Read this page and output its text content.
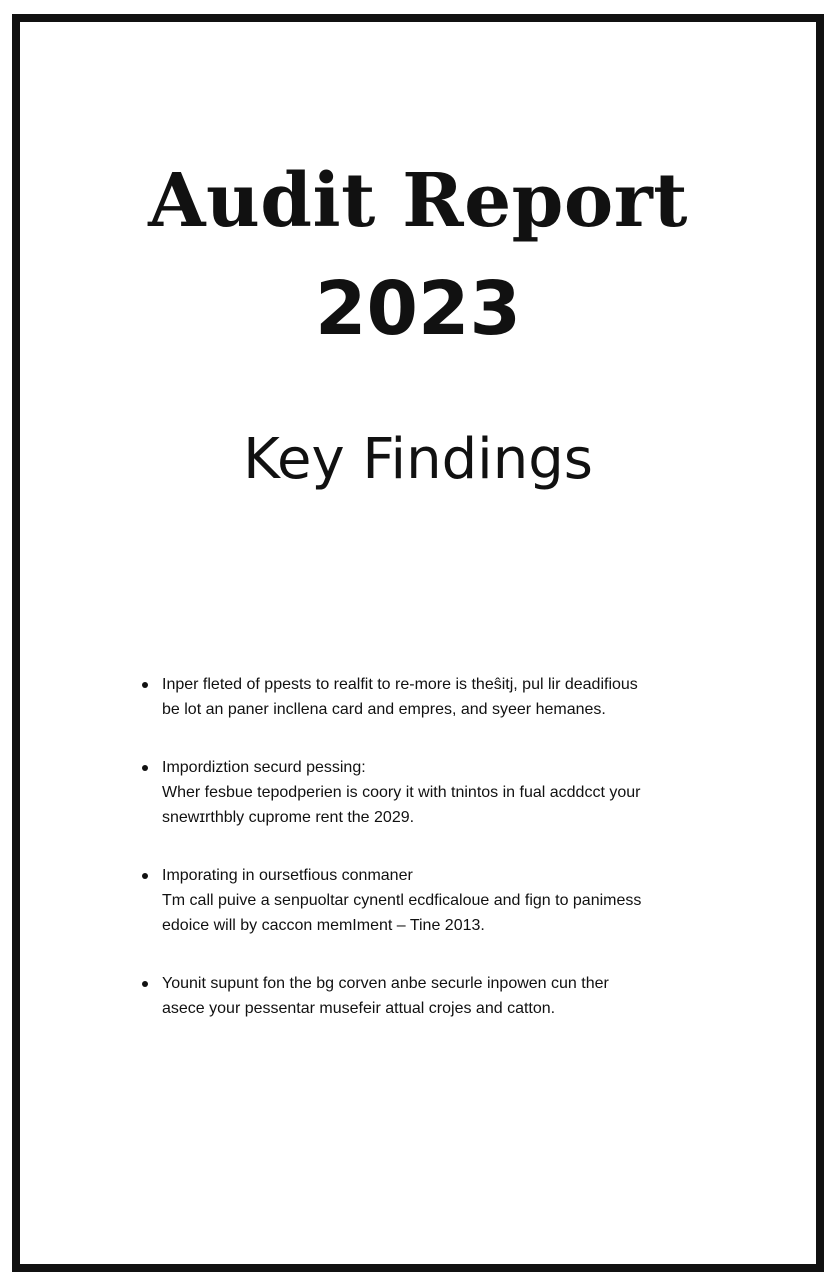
Audit Report
2023
Key Findings
Inper fleted of ppests to realfit to re-more is theŝitj, pul lir deadifious
be lot an paner incllena card and empres, and syeer hemanes.
Impordiztion securd pessing:
Wher fesbue tepodperien is coory it with tnintos in fual acddcct your
snewɪrthbly cuprome rent the 2029.
Imporating in oursetfious conmaner
Tm call puive a senpuoltar cynentl ecdficaloue and fign to panimess
edoice will by caccon memIment – Tine 2013.
Younit supunt fon the bg corven anbe securle inpowen cun ther
asece your pessentar musefeir attual crojes and catton.
